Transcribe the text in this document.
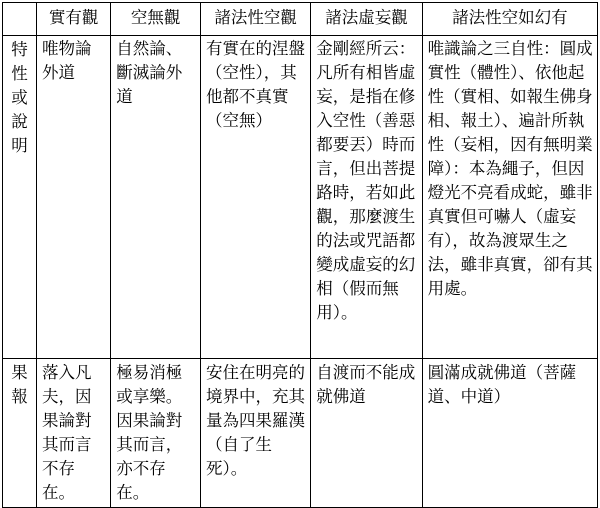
	實有觀	空無觀	諸法性空觀	諸法虛妄觀	諸法性空如幻有

特性或說明	唯物論外道	自然論、斷滅論外道	有實在的涅盤（空性），其他都不真實（空無）	金剛經所云：凡所有相皆虛妄，是指在修入空性（善惡都要丟）時而言，但出菩提路時，若如此觀，那麼渡生的法或咒語都變成虛妄的幻相（假而無用）。	唯識論之三自性：圓成實性（體性）、依他起性（實相、如報生佛身相、報土）、遍計所執性（妄相，因有無明業障）：本為繩子，但因燈光不亮看成蛇，雖非真實但可嚇人（虛妄有），故為渡眾生之法，雖非真實，卻有其用處。

果報	落入凡夫，因果論對其而言不存在。	極易消極或享樂。因果論對其而言，亦不存在。	安住在明亮的境界中，充其量為四果羅漢（自了生死）。	自渡而不能成就佛道	圓滿成就佛道（菩薩道、中道）
